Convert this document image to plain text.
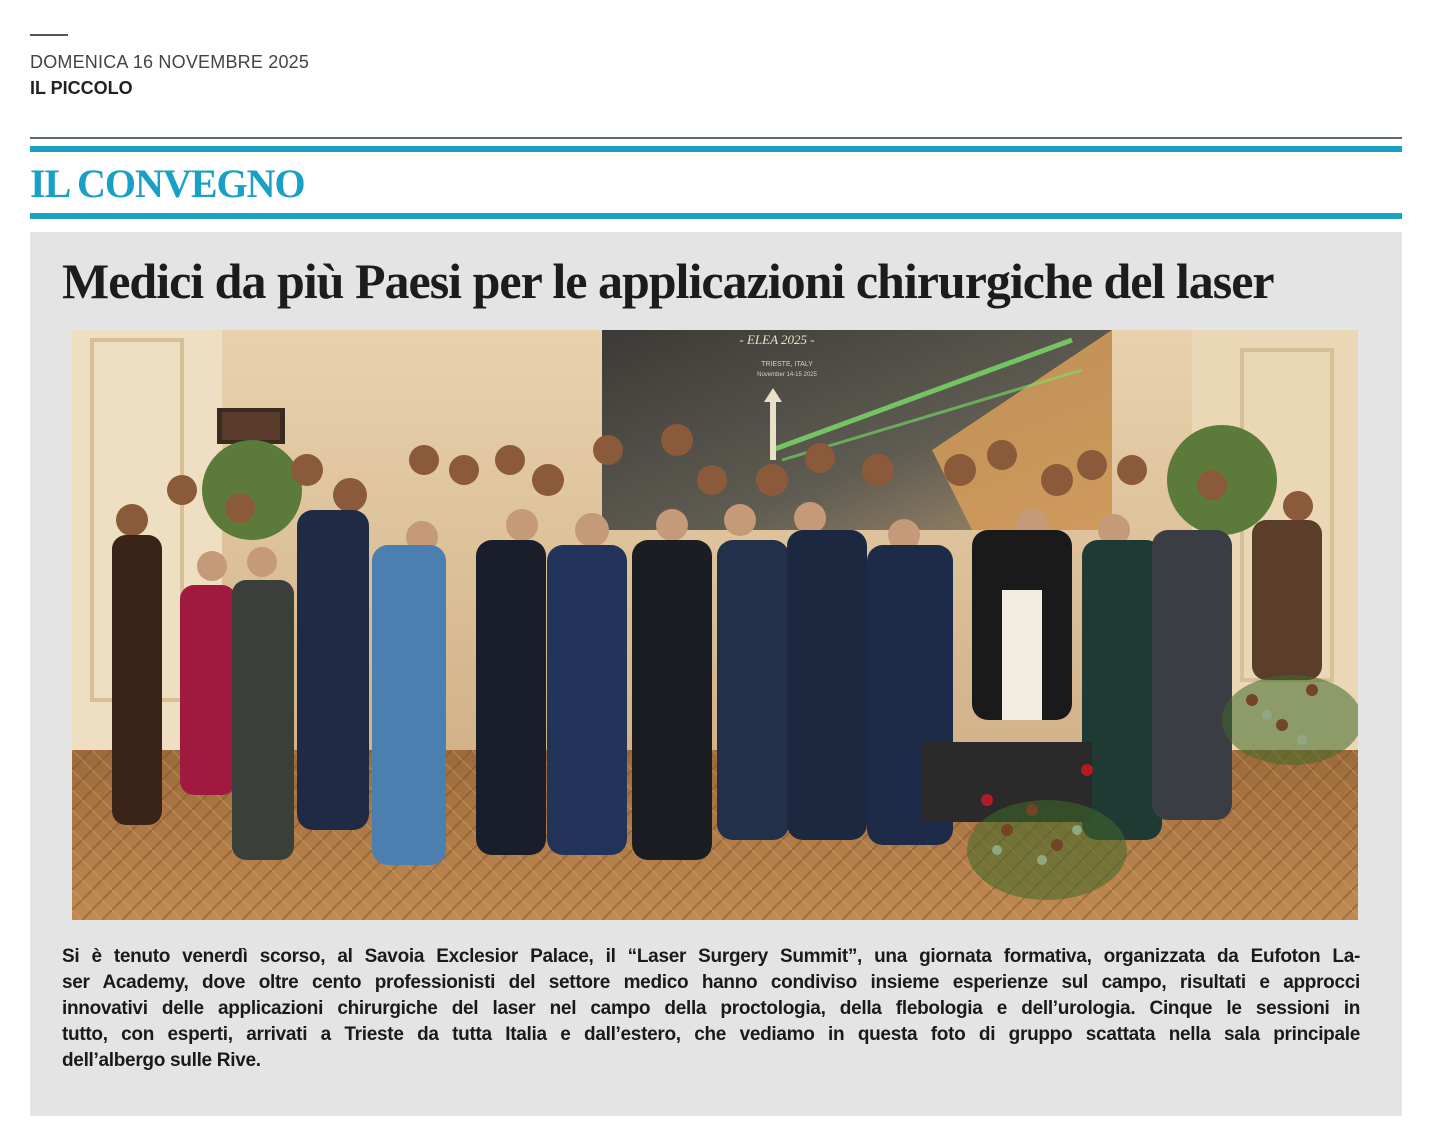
DOMENICA 16 NOVEMBRE 2025
IL PICCOLO
IL CONVEGNO
Medici da più Paesi per le applicazioni chirurgiche del laser
- ELEA 2025 -
TRIESTE, ITALY
November 14-15 2025
Si è tenuto venerdì scorso, al Savoia Exclesior Palace, il “Laser Surgery Summit”, una giornata formativa, organizzata da Eufoton La-
ser Academy, dove oltre cento professionisti del settore medico hanno condiviso insieme esperienze sul campo, risultati e approcci
innovativi delle applicazioni chirurgiche del laser nel campo della proctologia, della flebologia e dell’urologia. Cinque le sessioni in
tutto, con esperti, arrivati a Trieste da tutta Italia e dall’estero, che vediamo in questa foto di gruppo scattata nella sala principale
dell’albergo sulle Rive.
